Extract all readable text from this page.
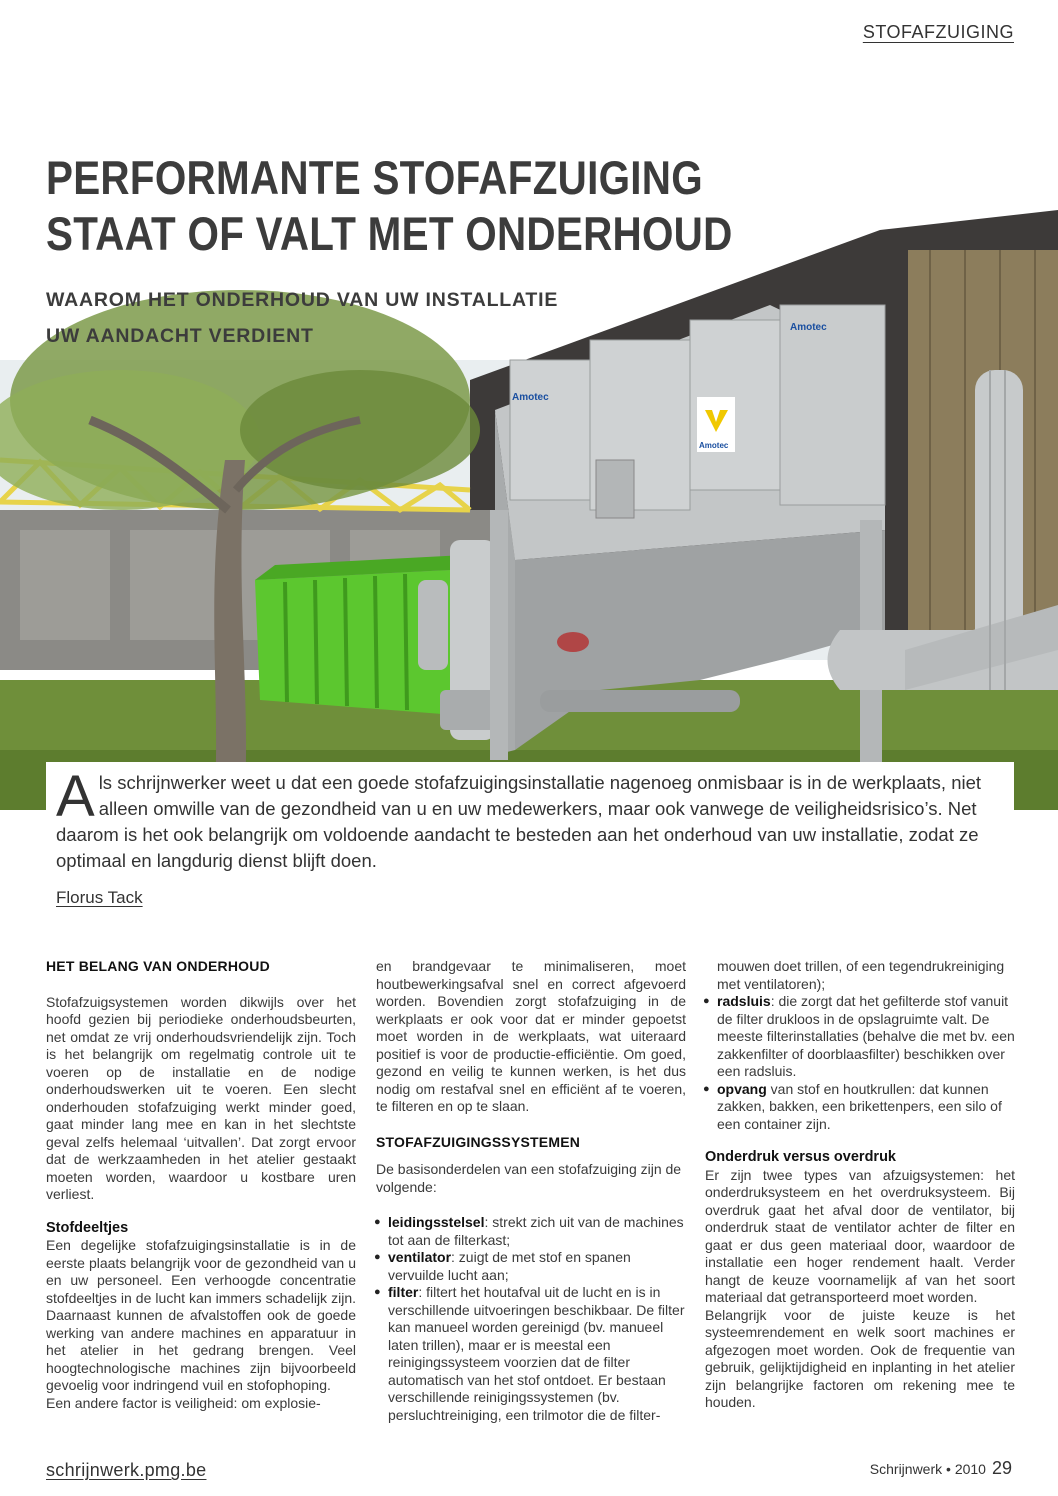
STOFAFZUIGING
Amotec
Amotec
Amotec
PERFORMANTE STOFAFZUIGING
STAAT OF VALT MET ONDERHOUD
WAAROM HET ONDERHOUD VAN UW INSTALLATIE
UW AANDACHT VERDIENT

Als schrijnwerker weet u dat een goede stofafzuigingsinstallatie nagenoeg onmisbaar is in de werkplaats, niet alleen omwille van de gezondheid van u en uw medewerkers, maar ook vanwege de veiligheidsrisico’s. Net daarom is het ook belangrijk om voldoende aandacht te besteden aan het onderhoud van uw installatie, zodat ze optimaal en langdurig dienst blijft doen.

Florus Tack

HET BELANG VAN ONDERHOUD

Stofafzuigsystemen worden dikwijls over het hoofd gezien bij periodieke onderhoudsbeurten, net omdat ze vrij onderhoudsvriendelijk zijn. Toch is het belangrijk om regelmatig controle uit te voeren op de installatie en de nodige onderhoudswerken uit te voeren. Een slecht onderhouden stofafzuiging werkt minder goed, gaat minder lang mee en kan in het slechtste geval zelfs helemaal ‘uitvallen’. Dat zorgt ervoor dat de werkzaamheden in het atelier gestaakt moeten worden, waardoor u kostbare uren verliest.

Stofdeeltjes

Een degelijke stofafzuigingsinstallatie is in de eerste plaats belangrijk voor de gezondheid van u en uw personeel. Een verhoogde concentratie stofdeeltjes in de lucht kan immers schadelijk zijn. Daarnaast kunnen de afvalstoffen ook de goede werking van andere machines en apparatuur in het atelier in het gedrang brengen. Veel hoogtechnologische machines zijn bijvoorbeeld gevoelig voor indringend vuil en stofophoping.

Een andere factor is veiligheid: om explosie-

en brandgevaar te minimaliseren, moet houtbewerkingsafval snel en correct afgevoerd worden. Bovendien zorgt stofafzuiging in de werkplaats er ook voor dat er minder gepoetst moet worden in de werkplaats, wat uiteraard positief is voor de productie-efficiëntie. Om goed, gezond en veilig te kunnen werken, is het dus nodig om restafval snel en efficiënt af te voeren, te filteren en op te slaan.

STOFAFZUIGINGSSYSTEMEN

De basisonderdelen van een stofafzuiging zijn de volgende:

● leidingsstelsel: strekt zich uit van de machines tot aan de filterkast;
● ventilator: zuigt de met stof en spanen vervuilde lucht aan;
● filter: filtert het houtafval uit de lucht en is in verschillende uitvoeringen beschikbaar. De filter kan manueel worden gereinigd (bv. manueel laten trillen), maar er is meestal een reinigingssysteem voorzien dat de filter automatisch van het stof ontdoet. Er bestaan verschillende reinigingssystemen (bv. persluchtreiniging, een trilmotor die de filter-

mouwen doet trillen, of een tegendrukreiniging met ventilatoren);

● radsluis: die zorgt dat het gefilterde stof vanuit de filter drukloos in de opslagruimte valt. De meeste filterinstallaties (behalve die met bv. een zakkenfilter of doorblaasfilter) beschikken over een radsluis.
● opvang van stof en houtkrullen: dat kunnen zakken, bakken, een brikettenpers, een silo of een container zijn.
Onderdruk versus overdruk

Er zijn twee types van afzuigsystemen: het onderdruksysteem en het overdruksysteem. Bij overdruk gaat het afval door de ventilator, bij onderdruk staat de ventilator achter de filter en gaat er dus geen materiaal door, waardoor de installatie een hoger rendement haalt. Verder hangt de keuze voornamelijk af van het soort materiaal dat getransporteerd moet worden.

Belangrijk voor de juiste keuze is het systeemrendement en welk soort machines er afgezogen moet worden. Ook de frequentie van gebruik, gelijktijdigheid en inplanting in het atelier zijn belangrijke factoren om rekening mee te houden.

schrijnwerk.pmg.be	Schrijnwerk • 2010 29
